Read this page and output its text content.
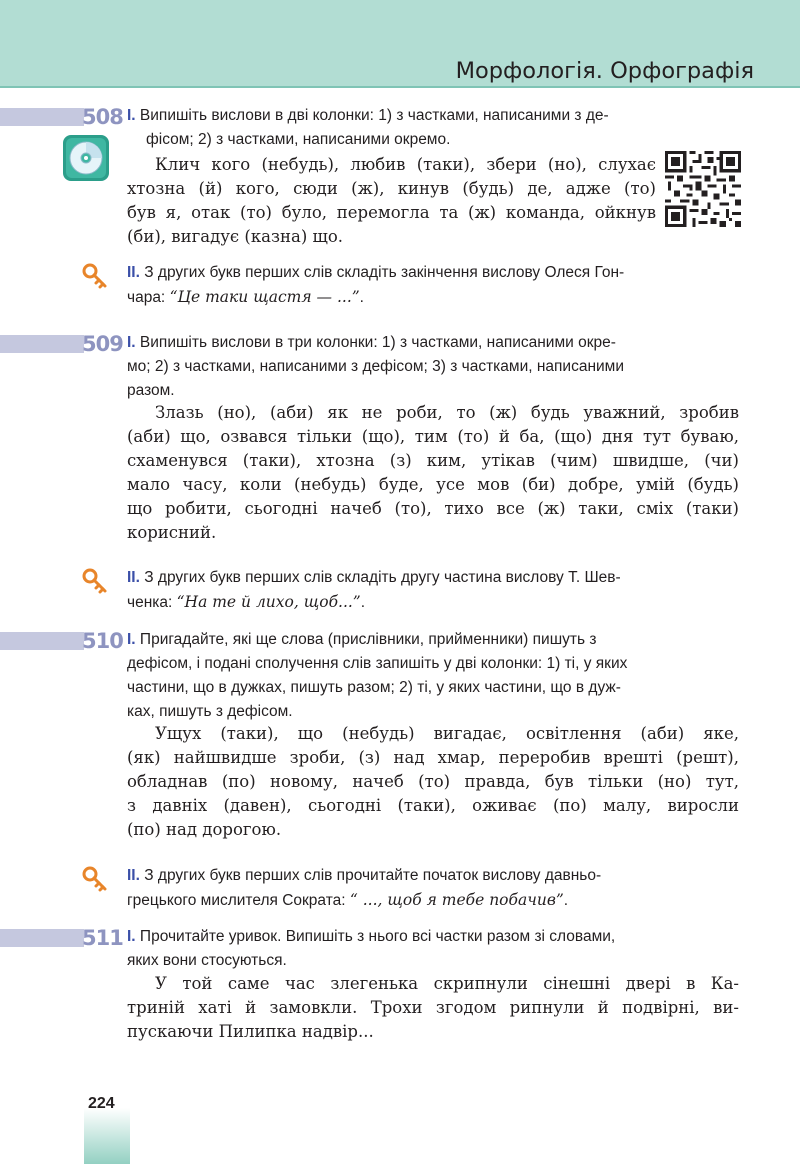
Морфологія. Орфографія
508 I. Випишіть вислови в дві колонки: 1) з частками, написаними з де-
фісом; 2) з частками, написаними окремо.
Клич кого (небудь), любив (таки), збери (но), слухає
хтозна (й) кого, сюди (ж), кинув (будь) де, адже (то)
був я, отак (то) було, перемогла та (ж) команда, ойкнув
(би), вигадує (казна) що.
II. З других букв перших слів складіть закінчення вислову Олеся Гон-
чара: “Це таки щастя — ...”.
509 I. Випишіть вислови в три колонки: 1) з частками, написаними окре-
мо; 2) з частками, написаними з дефісом; 3) з частками, написаними
разом.
Злазь (но), (аби) як не роби, то (ж) будь уважний, зробив
(аби) що, озвався тільки (що), тим (то) й ба, (що) дня тут буваю,
схаменувся (таки), хтозна (з) ким, утікав (чим) швидше, (чи)
мало часу, коли (небудь) буде, усе мов (би) добре, умій (будь)
що робити, сьогодні начеб (то), тихо все (ж) таки, сміх (таки)
корисний.
II. З других букв перших слів складіть другу частина вислову Т. Шев-
ченка: “На те й лихо, щоб...”.
510 I. Пригадайте, які ще слова (прислівники, прийменники) пишуть з
дефісом, і подані сполучення слів запишіть у дві колонки: 1) ті, у яких
частини, що в дужках, пишуть разом; 2) ті, у яких частини, що в дуж-
ках, пишуть з дефісом.
Ущух (таки), що (небудь) вигадає, освітлення (аби) яке,
(як) найшвидше зроби, (з) над хмар, переробив врешті (решт),
обладнав (по) новому, начеб (то) правда, був тільки (но) тут,
з давніх (давен), сьогодні (таки), оживає (по) малу, виросли
(по) над дорогою.
II. З других букв перших слів прочитайте початок вислову давньо-
грецького мислителя Сократа: “ ..., щоб я тебе побачив”.
511 I. Прочитайте уривок. Випишіть з нього всі частки разом зі словами,
яких вони стосуються.
У той саме час злегенька скрипнули сінешні двері в Ка-
триній хаті й замовкли. Трохи згодом рипнули й подвірні, ви-
пускаючи Пилипка надвір...
224
